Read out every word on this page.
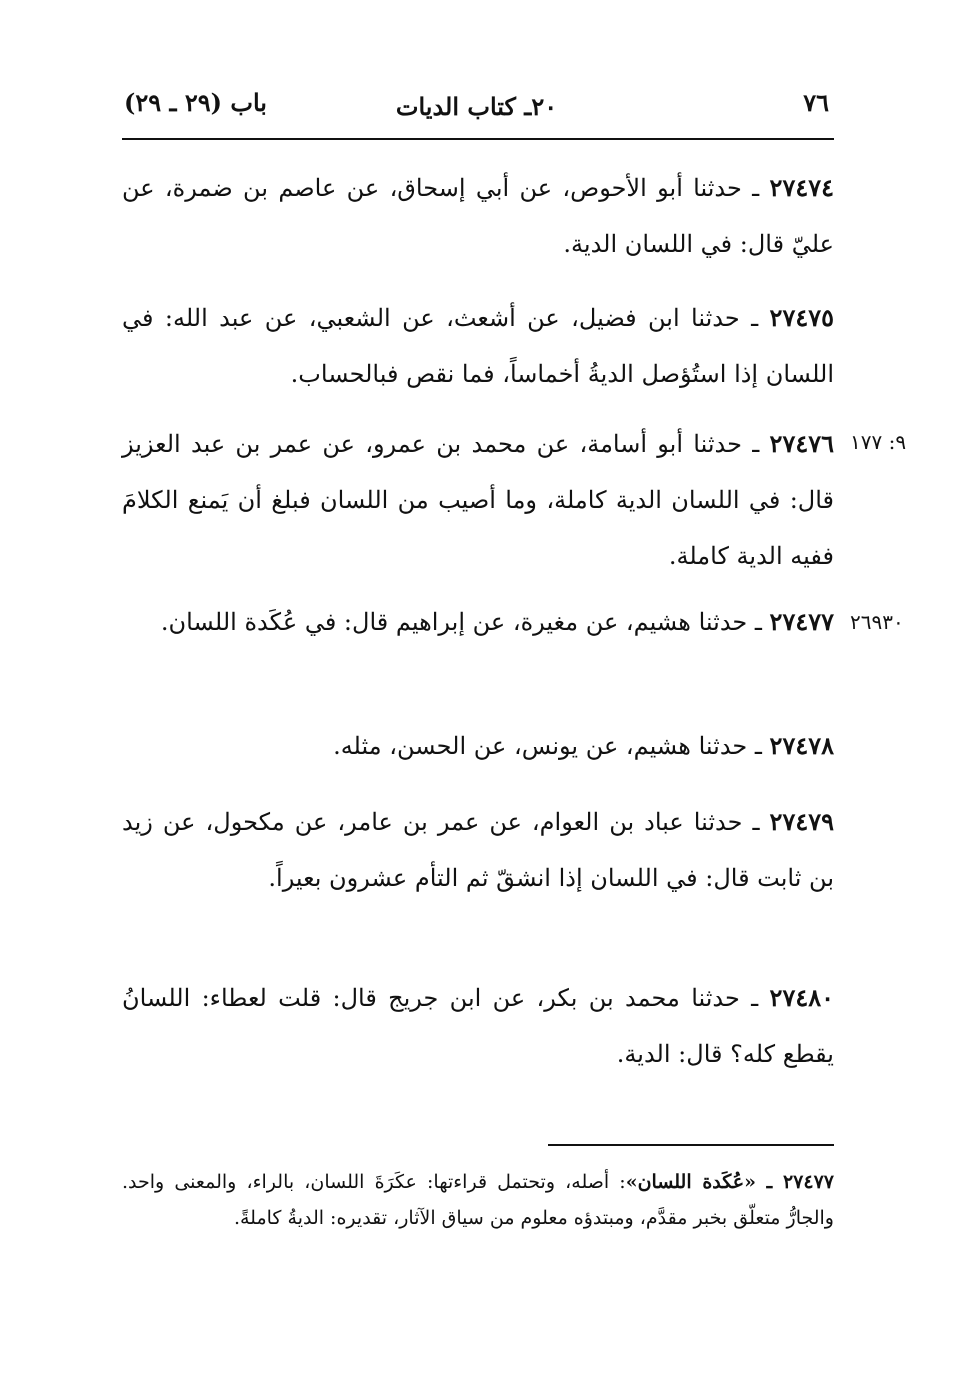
باب (٢٩ ـ ٢٩)	٢٠ـ كتاب الديات	٧٦

٢٧٤٧٤ ـ حدثنا أبو الأحوص، عن أبي إسحاق، عن عاصم بن ضمرة، عن عليّ قال: في اللسان الدية.

٢٧٤٧٥ ـ حدثنا ابن فضيل، عن أشعث، عن الشعبي، عن عبد الله: في اللسان إذا استُؤصل الديةُ أخماساً، فما نقص فبالحساب.

٩: ١٧٧

٢٧٤٧٦ ـ حدثنا أبو أسامة، عن محمد بن عمرو، عن عمر بن عبد العزيز قال: في اللسان الدية كاملة، وما أصيب من اللسان فبلغ أن يَمنع الكلامَ ففيه الدية كاملة.

٢٦٩٣٠

٢٧٤٧٧ ـ حدثنا هشيم، عن مغيرة، عن إبراهيم قال: في عُكَدة اللسان.

٢٧٤٧٨ ـ حدثنا هشيم، عن يونس، عن الحسن، مثله.

٢٧٤٧٩ ـ حدثنا عباد بن العوام، عن عمر بن عامر، عن مكحول، عن زيد بن ثابت قال: في اللسان إذا انشقّ ثم التأم عشرون بعيراً.

٢٧٤٨٠ ـ حدثنا محمد بن بكر، عن ابن جريج قال: قلت لعطاء: اللسانُ يقطع كله؟ قال: الدية.

٢٧٤٧٧ ـ «عُكَدة اللسان»: أصله، وتحتمل قراءتها: عكَرَةَ اللسان، بالراء، والمعنى واحد. والجارُّ متعلّق بخبر مقدَّم، ومبتدؤه معلوم من سياق الآثار، تقديره: الديةُ كاملةً.
